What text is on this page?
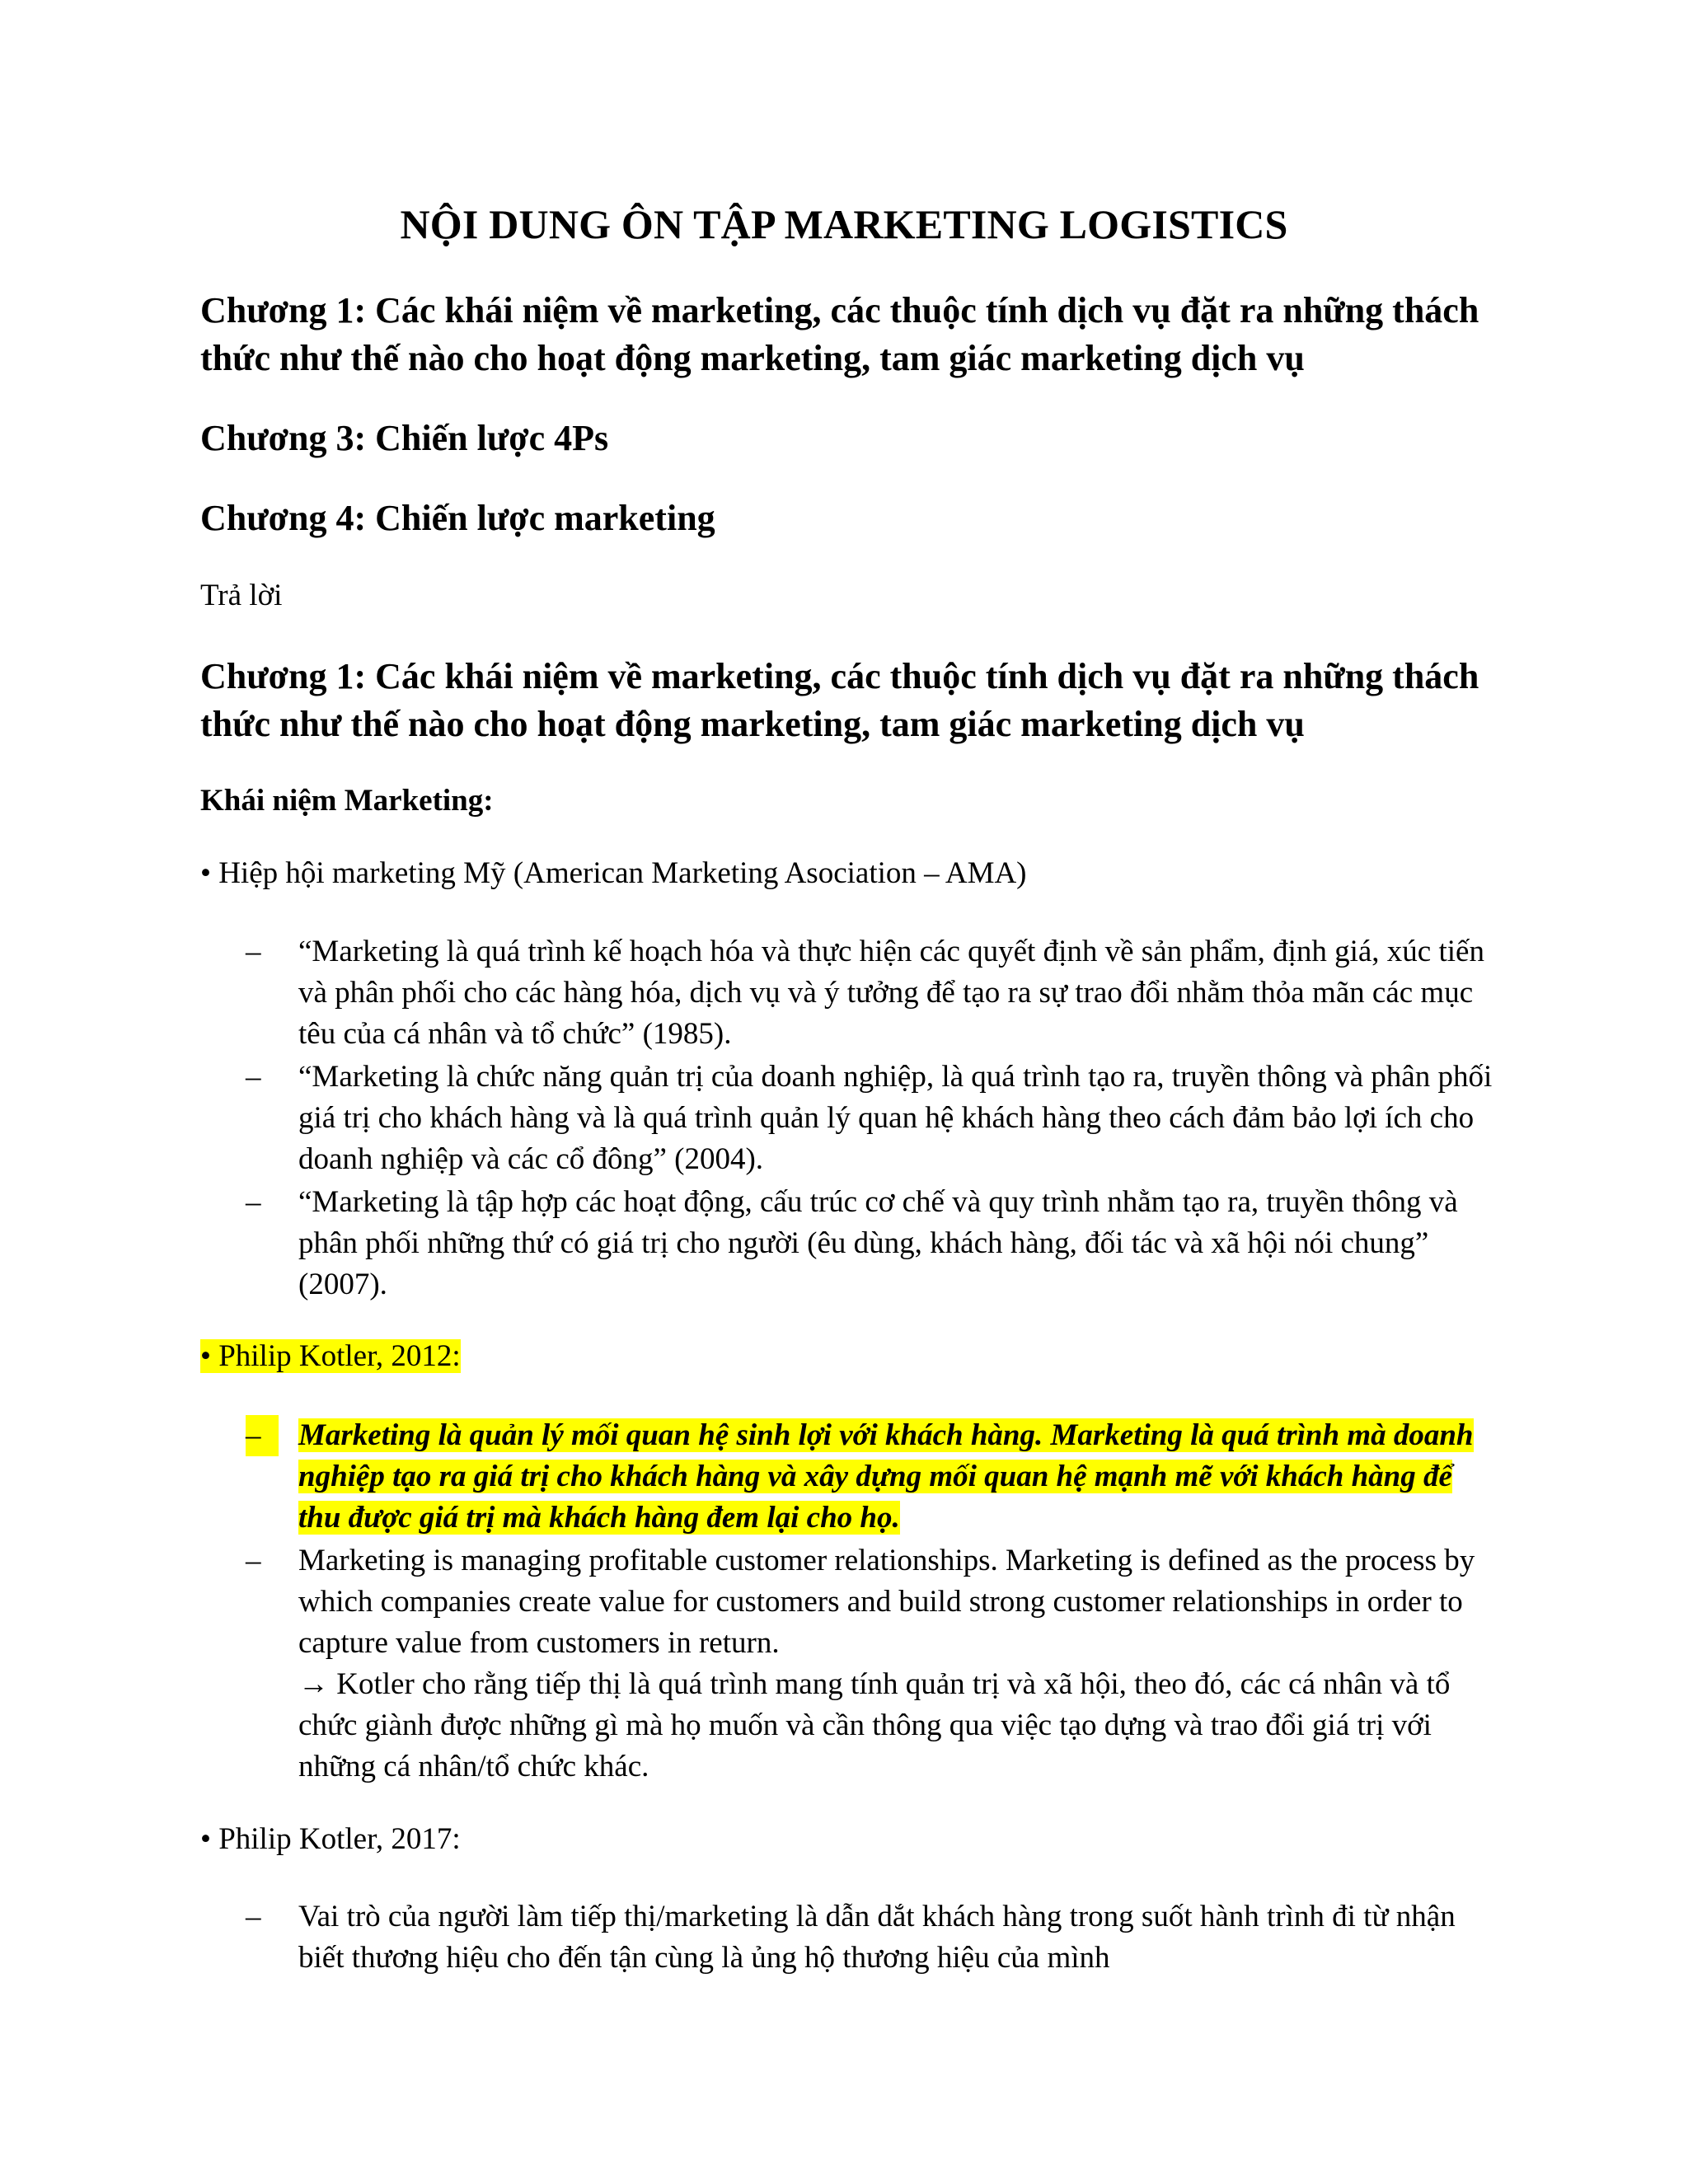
NỘI DUNG ÔN TẬP MARKETING LOGISTICS
Chương 1: Các khái niệm về marketing, các thuộc tính dịch vụ đặt ra những thách thức như thế nào cho hoạt động marketing, tam giác marketing dịch vụ
Chương 3: Chiến lược 4Ps
Chương 4: Chiến lược marketing

Trả lời

Chương 1: Các khái niệm về marketing, các thuộc tính dịch vụ đặt ra những thách thức như thế nào cho hoạt động marketing, tam giác marketing dịch vụ
Khái niệm Marketing:

• Hiệp hội marketing Mỹ (American Marketing Asociation – AMA)

–	“Marketing là quá trình kế hoạch hóa và thực hiện các quyết định về sản phẩm, định giá, xúc tiến và phân phối cho các hàng hóa, dịch vụ và ý tưởng để tạo ra sự trao đổi nhằm thỏa mãn các mục têu của cá nhân và tổ chức” (1985).
–	“Marketing là chức năng quản trị của doanh nghiệp, là quá trình tạo ra, truyền thông và phân phối giá trị cho khách hàng và là quá trình quản lý quan hệ khách hàng theo cách đảm bảo lợi ích cho doanh nghiệp và các cổ đông” (2004).
–	“Marketing là tập hợp các hoạt động, cấu trúc cơ chế và quy trình nhằm tạo ra, truyền thông và phân phối những thứ có giá trị cho người (êu dùng, khách hàng, đối tác và xã hội nói chung” (2007).

• Philip Kotler, 2012:

–	Marketing là quản lý mối quan hệ sinh lợi với khách hàng. Marketing là quá trình mà doanh nghiệp tạo ra giá trị cho khách hàng và xây dựng mối quan hệ mạnh mẽ với khách hàng để thu được giá trị mà khách hàng đem lại cho họ.
–	Marketing is managing profitable customer relationships. Marketing is defined as the process by which companies create value for customers and build strong customer relationships in order to capture value from customers in return.
→ Kotler cho rằng tiếp thị là quá trình mang tính quản trị và xã hội, theo đó, các cá nhân và tổ chức giành được những gì mà họ muốn và cần thông qua việc tạo dựng và trao đổi giá trị với những cá nhân/tổ chức khác.

• Philip Kotler, 2017:

–	Vai trò của người làm tiếp thị/marketing là dẫn dắt khách hàng trong suốt hành trình đi từ nhận biết thương hiệu cho đến tận cùng là ủng hộ thương hiệu của mình
